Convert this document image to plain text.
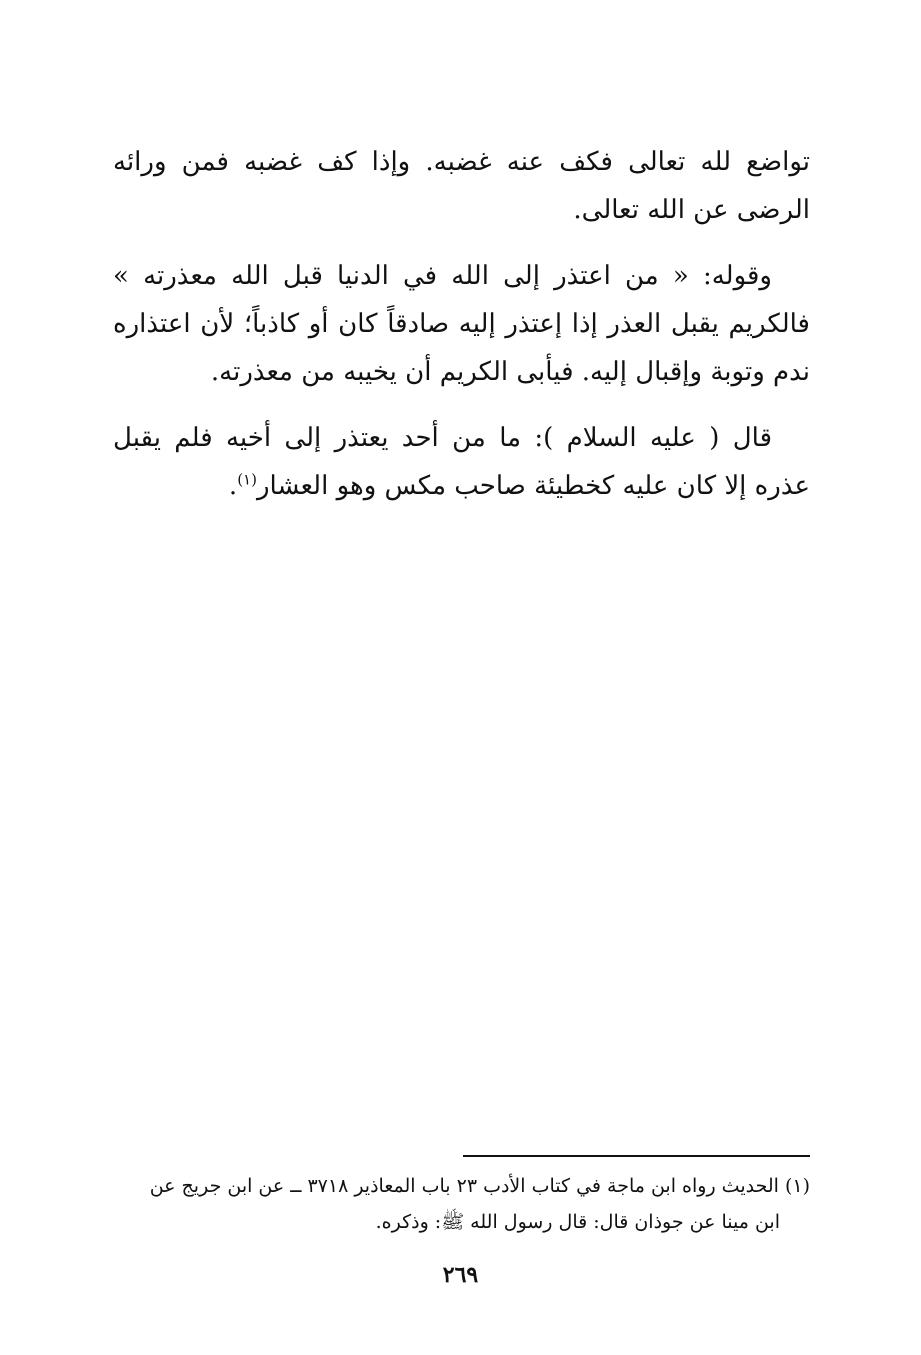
تواضع لله تعالى فكف عنه غضبه. وإذا كف غضبه فمن ورائه الرضى عن الله تعالى.

وقوله: « من اعتذر إلى الله في الدنيا قبل الله معذرته » فالكريم يقبل العذر إذا إعتذر إليه صادقاً كان أو كاذباً؛ لأن اعتذاره ندم وتوبة وإقبال إليه. فيأبى الكريم أن يخيبه من معذرته.

قال ( عليه السلام ): ما من أحد يعتذر إلى أخيه فلم يقبل عذره إلا كان عليه كخطيئة صاحب مكس وهو العشار$^{(١)}$.

(١) الحديث رواه ابن ماجة في كتاب الأدب ٢٣ باب المعاذير ٣٧١٨ ــ عن ابن جريج عن
ابن مينا عن جوذان قال: قال رسول الله ﷺ: وذكره.
٢٦٩
